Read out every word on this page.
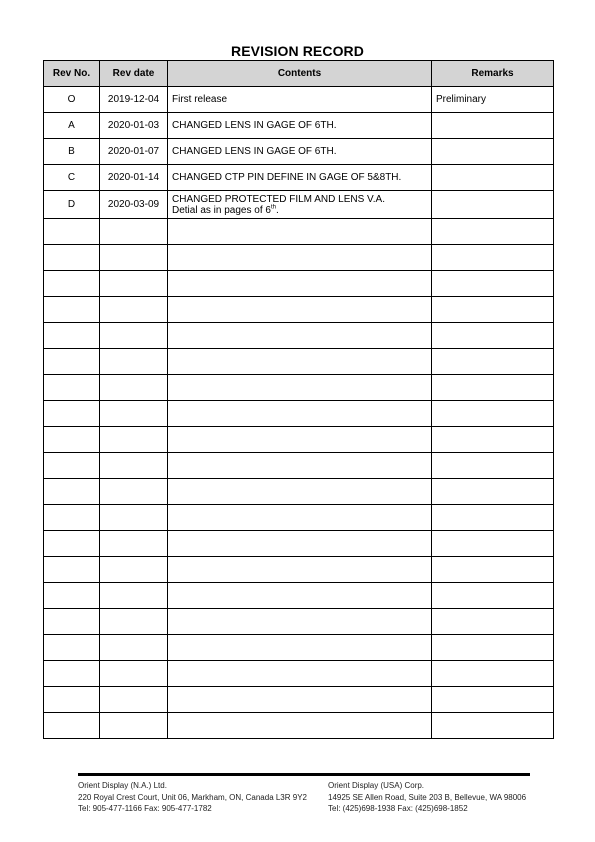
REVISION RECORD
Rev No.	Rev date	Contents	Remarks
O	2019-12-04	First release	Preliminary
A	2020-01-03	CHANGED LENS IN GAGE OF 6TH.	
B	2020-01-07	CHANGED LENS IN GAGE OF 6TH.	
C	2020-01-14	CHANGED CTP PIN DEFINE IN GAGE OF 5&8TH.	
D	2020-03-09	CHANGED PROTECTED FILM AND LENS V.A.
Detial as in pages of 6th.	

Orient Display (N.A.) Ltd.
220 Royal Crest Court, Unit 06, Markham, ON, Canada L3R 9Y2
Tel: 905-477-1166 Fax: 905-477-1782
Orient Display (USA) Corp.
14925 SE Allen Road, Suite 203 B, Bellevue, WA 98006
Tel: (425)698-1938 Fax: (425)698-1852
